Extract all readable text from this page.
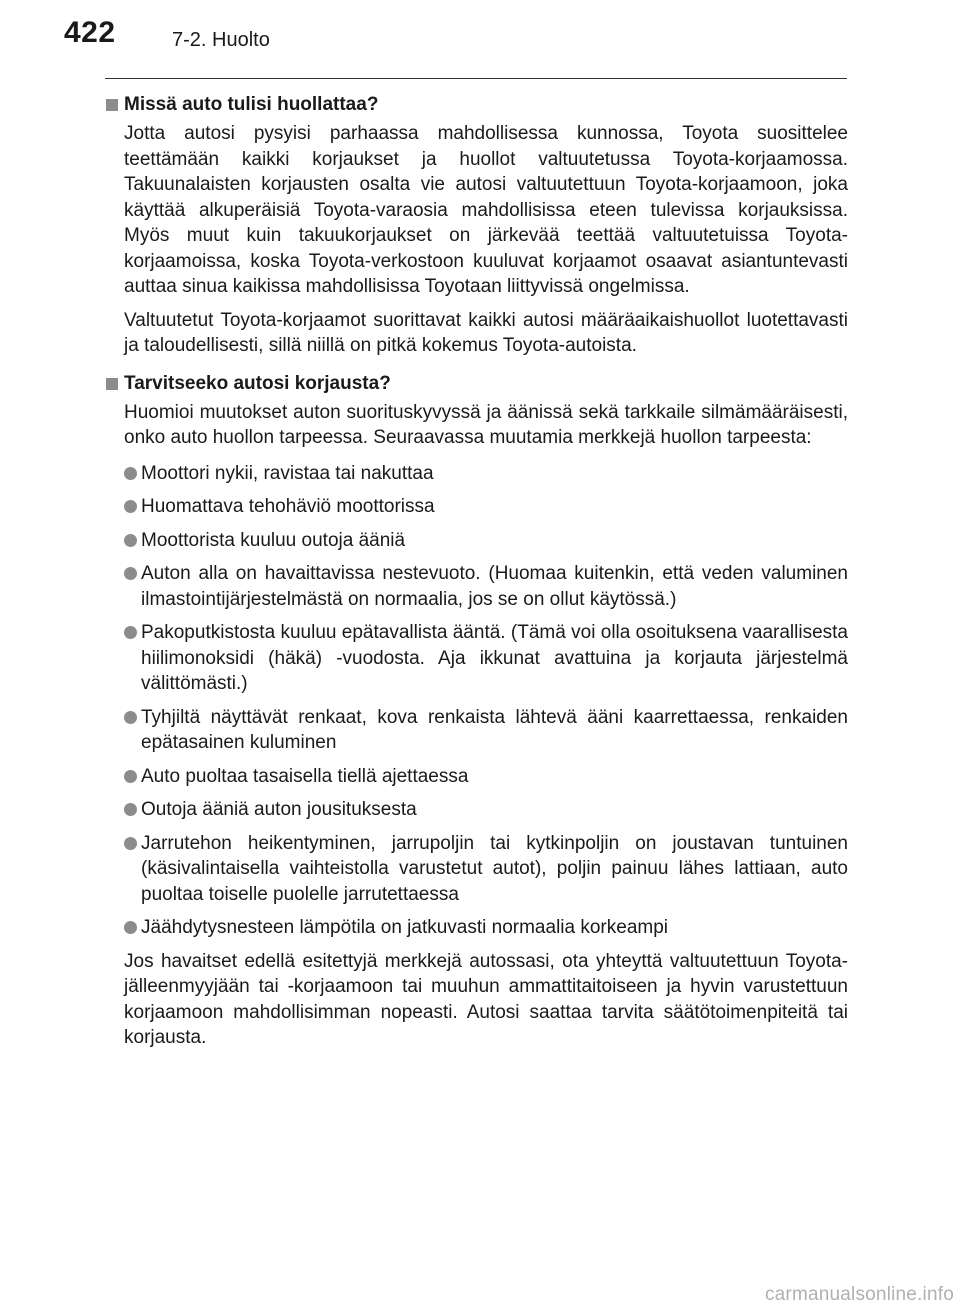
422	7-2. Huolto
Missä auto tulisi huollattaa?

Jotta autosi pysyisi parhaassa mahdollisessa kunnossa, Toyota suosittelee teettämään kaikki korjaukset ja huollot valtuutetussa Toyota-korjaamossa. Takuunalaisten korjausten osalta vie autosi valtuutettuun Toyota-korjaamoon, joka käyttää alkuperäisiä Toyota-varaosia mahdollisissa eteen tulevissa korjauksissa. Myös muut kuin takuukorjaukset on järkevää teettää valtuutetuissa Toyota-korjaamoissa, koska Toyota-verkostoon kuuluvat korjaamot osaavat asiantuntevasti auttaa sinua kaikissa mahdollisissa Toyotaan liittyvissä ongelmissa.

Valtuutetut Toyota-korjaamot suorittavat kaikki autosi määräaikaishuollot luotettavasti ja taloudellisesti, sillä niillä on pitkä kokemus Toyota-autoista.

Tarvitseeko autosi korjausta?

Huomioi muutokset auton suorituskyvyssä ja äänissä sekä tarkkaile silmämääräisesti, onko auto huollon tarpeessa. Seuraavassa muutamia merkkejä huollon tarpeesta:

Moottori nykii, ravistaa tai nakuttaa
Huomattava tehohäviö moottorissa
Moottorista kuuluu outoja ääniä
Auton alla on havaittavissa nestevuoto. (Huomaa kuitenkin, että veden valuminen ilmastointijärjestelmästä on normaalia, jos se on ollut käytössä.)
Pakoputkistosta kuuluu epätavallista ääntä. (Tämä voi olla osoituksena vaarallisesta hiilimonoksidi (häkä) -vuodosta. Aja ikkunat avattuina ja korjauta järjestelmä välittömästi.)
Tyhjiltä näyttävät renkaat, kova renkaista lähtevä ääni kaarrettaessa, renkaiden epätasainen kuluminen
Auto puoltaa tasaisella tiellä ajettaessa
Outoja ääniä auton jousituksesta
Jarrutehon heikentyminen, jarrupoljin tai kytkinpoljin on joustavan tuntuinen (käsivalintaisella vaihteistolla varustetut autot), poljin painuu lähes lattiaan, auto puoltaa toiselle puolelle jarrutettaessa
Jäähdytysnesteen lämpötila on jatkuvasti normaalia korkeampi

Jos havaitset edellä esitettyjä merkkejä autossasi, ota yhteyttä valtuutettuun Toyota-jälleenmyyjään tai -korjaamoon tai muuhun ammattitaitoiseen ja hyvin varustettuun korjaamoon mahdollisimman nopeasti. Autosi saattaa tarvita säätötoimenpiteitä tai korjausta.

carmanualsonline.info
